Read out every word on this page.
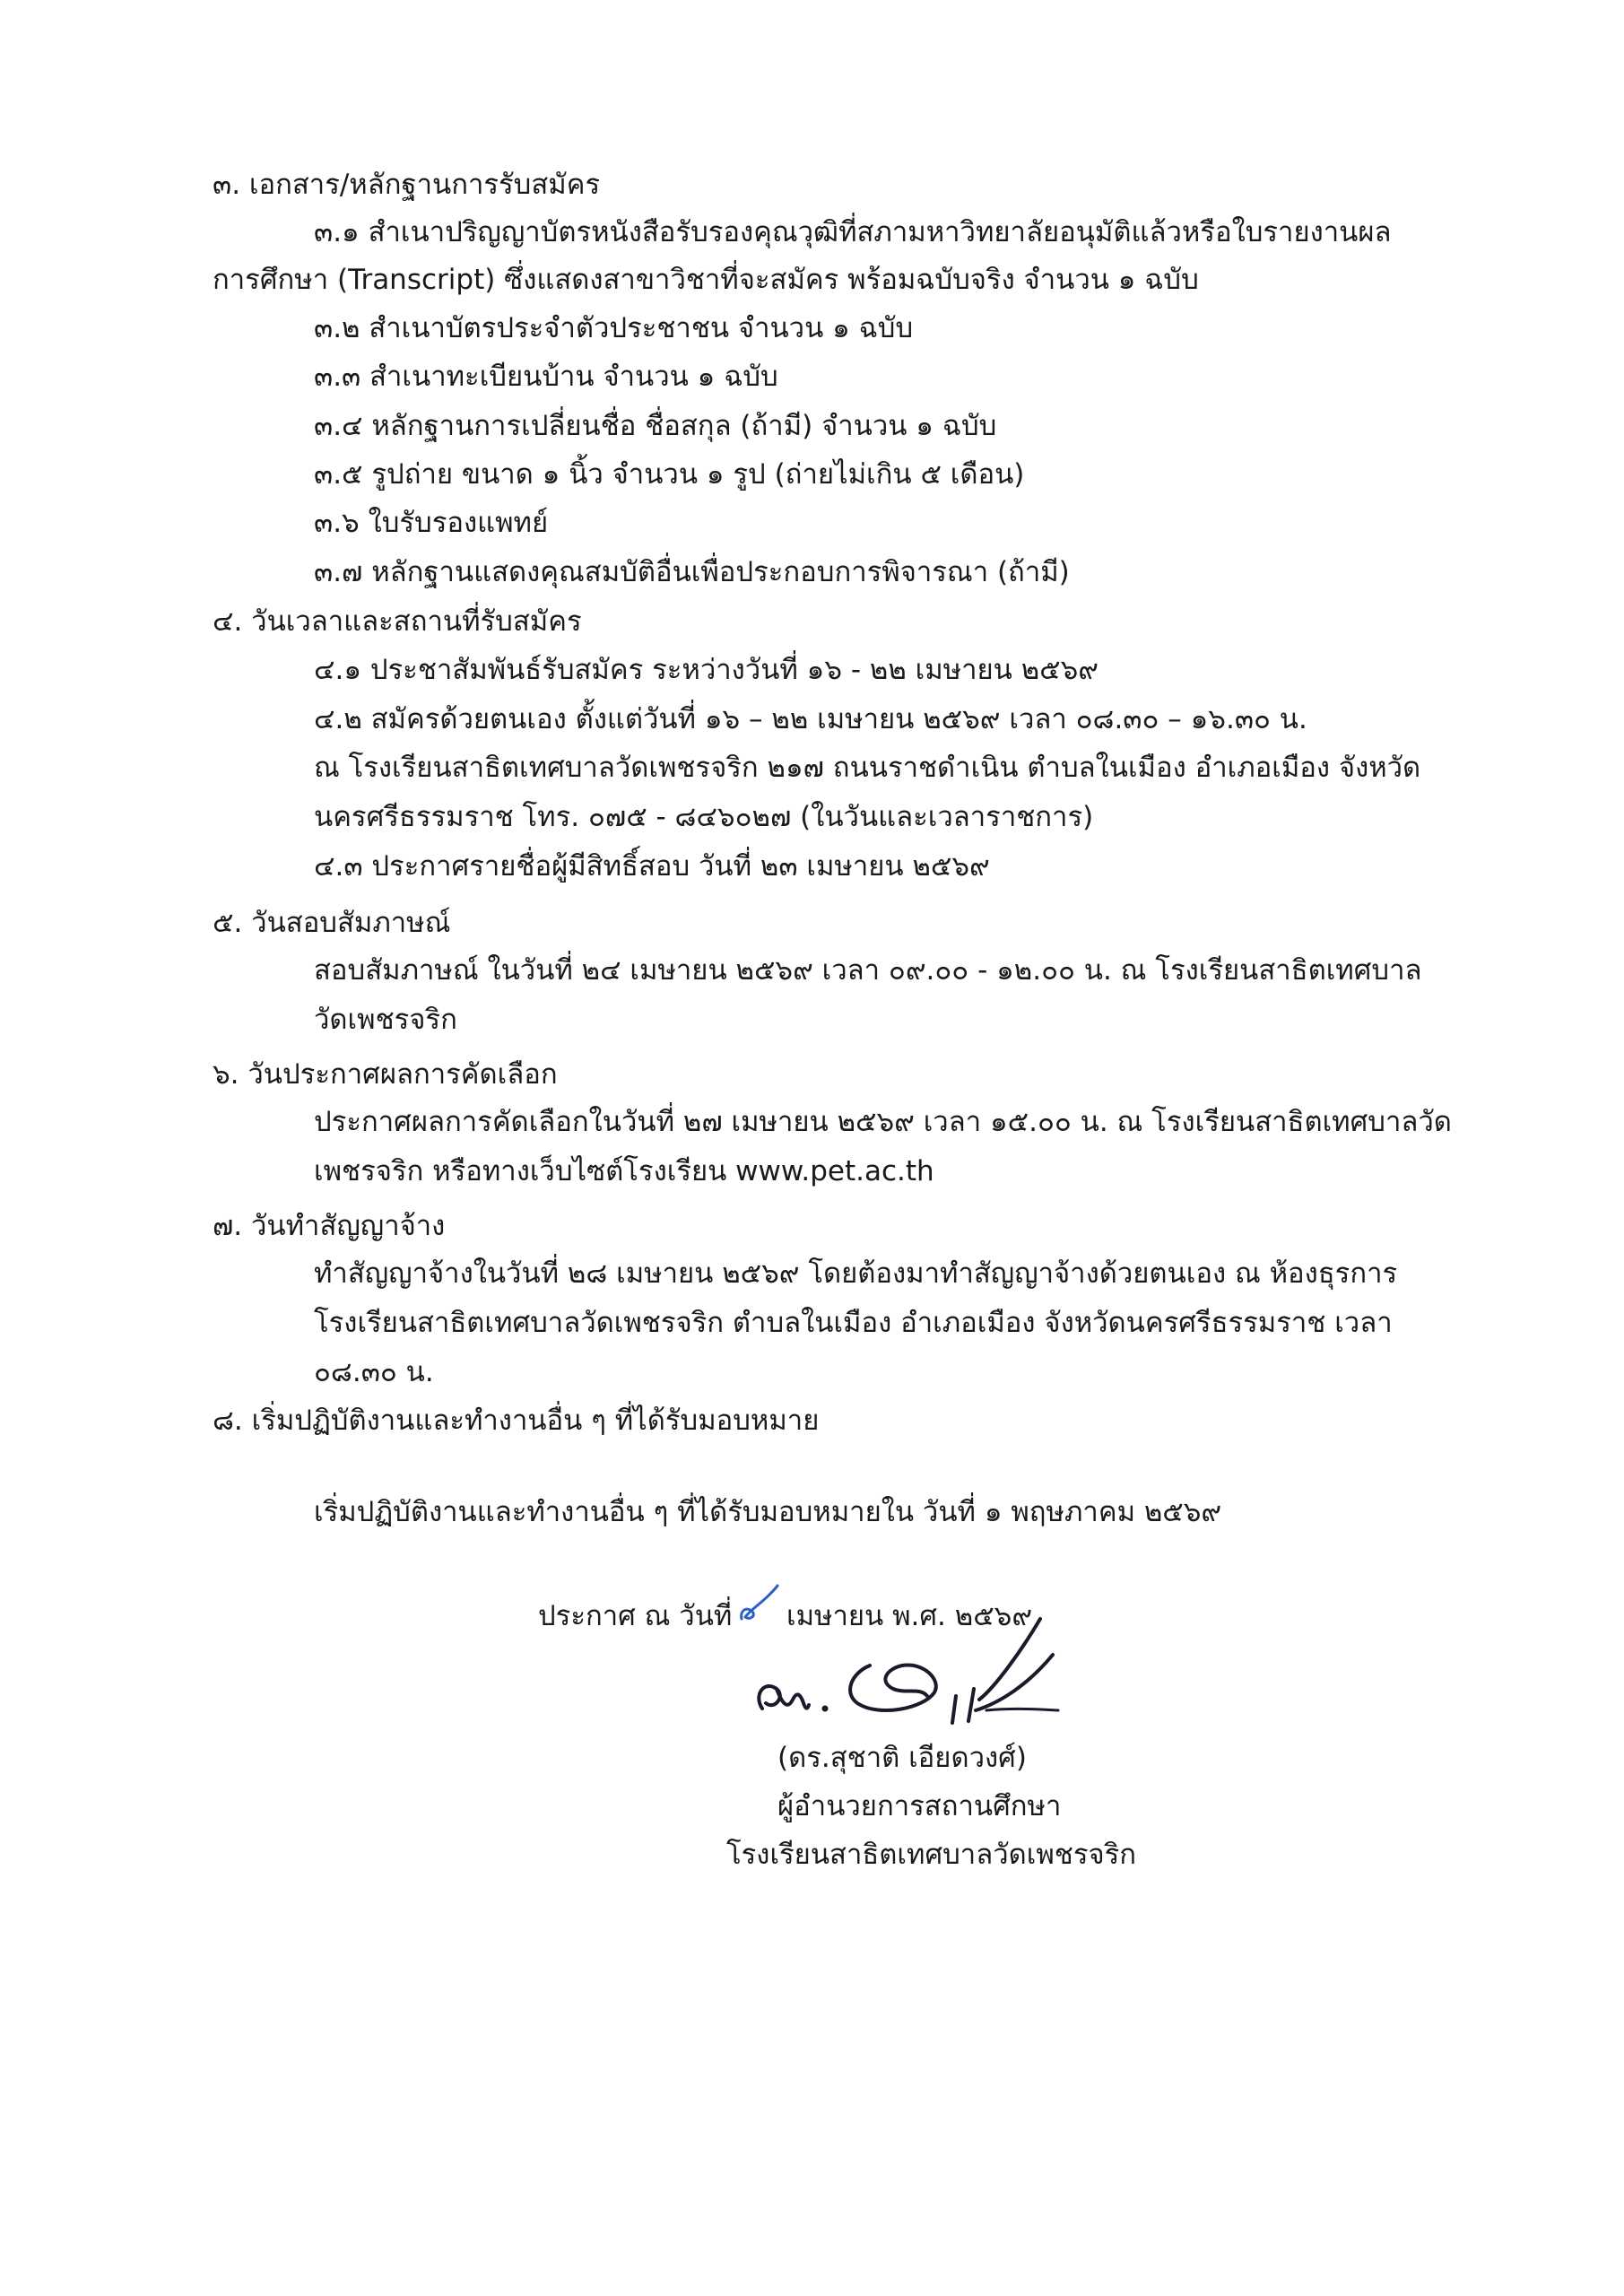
๓. เอกสาร/หลักฐานการรับสมัคร
๓.๑ สำเนาปริญญาบัตรหนังสือรับรองคุณวุฒิที่สภามหาวิทยาลัยอนุมัติแล้วหรือใบรายงานผล
การศึกษา (Transcript) ซึ่งแสดงสาขาวิชาที่จะสมัคร พร้อมฉบับจริง จำนวน ๑ ฉบับ
๓.๒ สำเนาบัตรประจำตัวประชาชน จำนวน ๑ ฉบับ
๓.๓ สำเนาทะเบียนบ้าน จำนวน ๑ ฉบับ
๓.๔ หลักฐานการเปลี่ยนชื่อ ชื่อสกุล (ถ้ามี) จำนวน ๑ ฉบับ
๓.๕ รูปถ่าย ขนาด ๑ นิ้ว จำนวน ๑ รูป (ถ่ายไม่เกิน ๕ เดือน)
๓.๖ ใบรับรองแพทย์
๓.๗ หลักฐานแสดงคุณสมบัติอื่นเพื่อประกอบการพิจารณา (ถ้ามี)
๔. วันเวลาและสถานที่รับสมัคร
๔.๑ ประชาสัมพันธ์รับสมัคร ระหว่างวันที่ ๑๖ - ๒๒ เมษายน ๒๕๖๙
๔.๒ สมัครด้วยตนเอง ตั้งแต่วันที่ ๑๖ – ๒๒ เมษายน ๒๕๖๙ เวลา ๐๘.๓๐ – ๑๖.๓๐ น.
ณ โรงเรียนสาธิตเทศบาลวัดเพชรจริก ๒๑๗ ถนนราชดำเนิน ตำบลในเมือง อำเภอเมือง จังหวัด
นครศรีธรรมราช โทร. ๐๗๕ - ๘๔๖๐๒๗ (ในวันและเวลาราชการ)
๔.๓ ประกาศรายชื่อผู้มีสิทธิ์สอบ วันที่ ๒๓ เมษายน ๒๕๖๙
๕. วันสอบสัมภาษณ์
สอบสัมภาษณ์ ในวันที่ ๒๔ เมษายน ๒๕๖๙ เวลา ๐๙.๐๐ - ๑๒.๐๐ น. ณ โรงเรียนสาธิตเทศบาล
วัดเพชรจริก
๖. วันประกาศผลการคัดเลือก
ประกาศผลการคัดเลือกในวันที่ ๒๗ เมษายน ๒๕๖๙ เวลา ๑๕.๐๐ น. ณ โรงเรียนสาธิตเทศบาลวัด
เพชรจริก หรือทางเว็บไซต์โรงเรียน www.pet.ac.th
๗. วันทำสัญญาจ้าง
ทำสัญญาจ้างในวันที่ ๒๘ เมษายน ๒๕๖๙ โดยต้องมาทำสัญญาจ้างด้วยตนเอง ณ ห้องธุรการ
โรงเรียนสาธิตเทศบาลวัดเพชรจริก ตำบลในเมือง อำเภอเมือง จังหวัดนครศรีธรรมราช เวลา
๐๘.๓๐ น.
๘. เริ่มปฏิบัติงานและทำงานอื่น ๆ ที่ได้รับมอบหมาย
เริ่มปฏิบัติงานและทำงานอื่น ๆ ที่ได้รับมอบหมายใน วันที่ ๑ พฤษภาคม ๒๕๖๙
ประกาศ ณ วันที่ เมษายน พ.ศ. ๒๕๖๙
(ดร.สุชาติ เอียดวงศ์)
ผู้อำนวยการสถานศึกษา
โรงเรียนสาธิตเทศบาลวัดเพชรจริก
